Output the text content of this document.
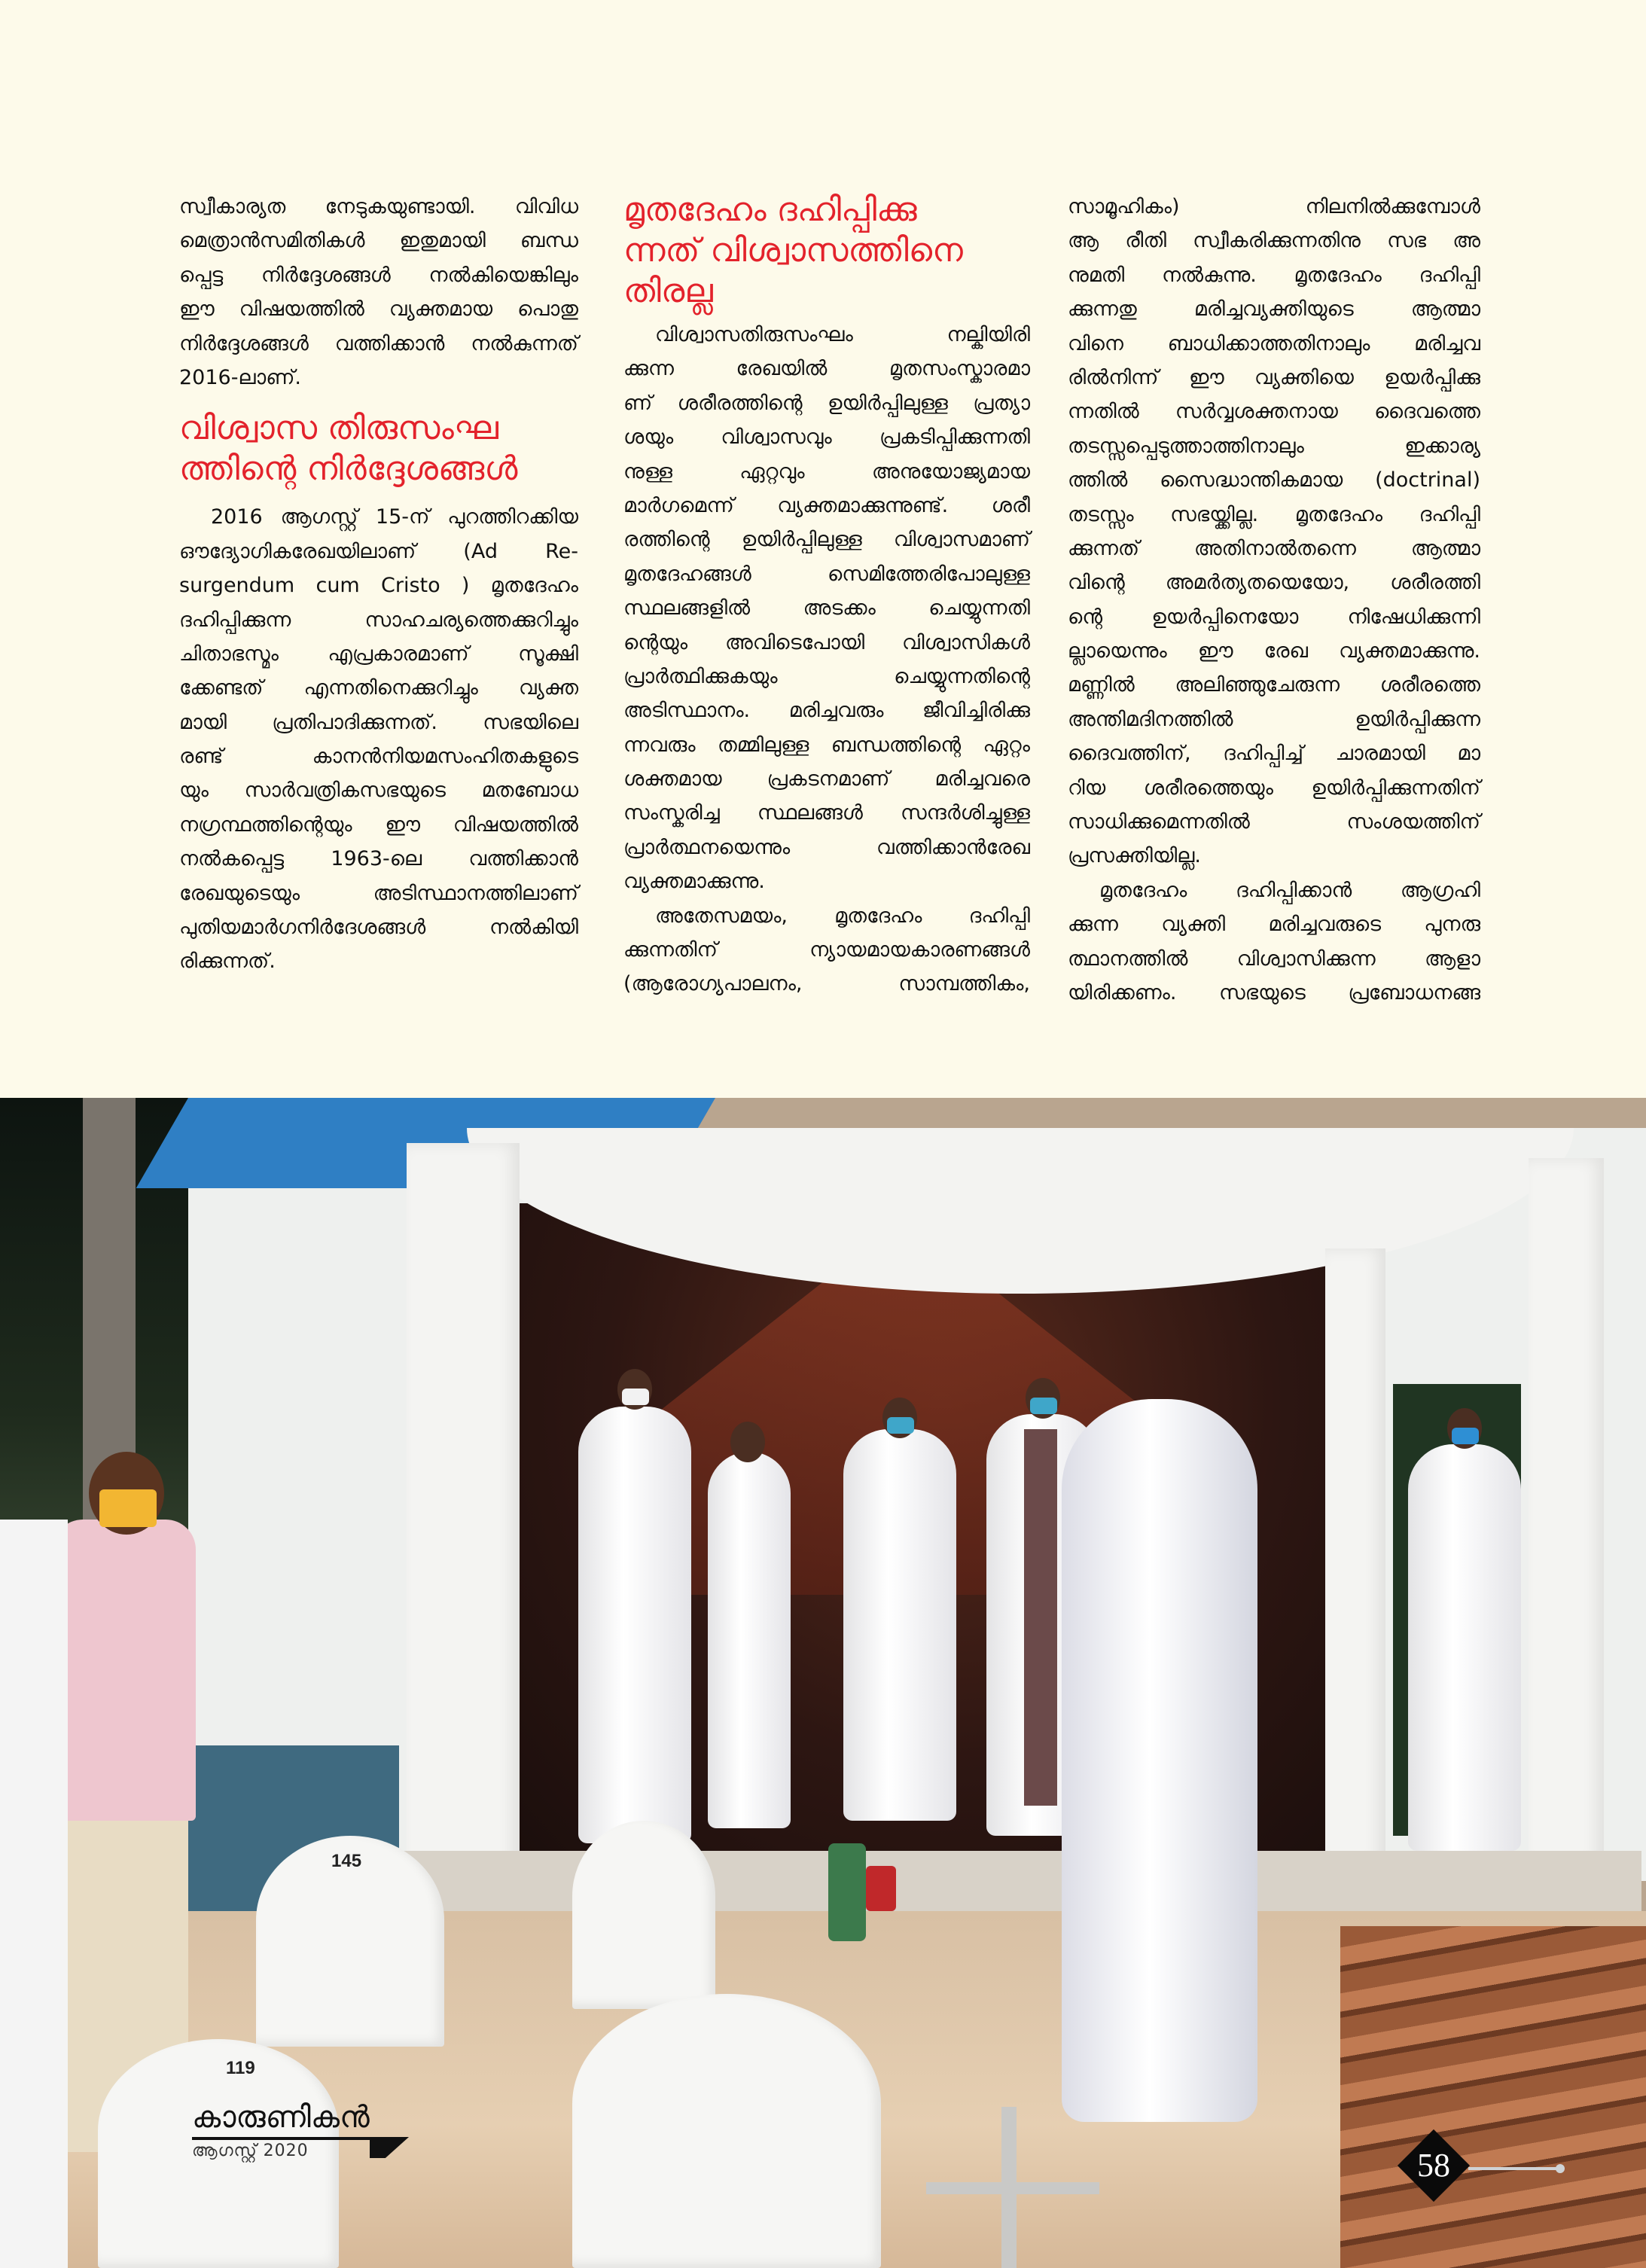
സ്വീകാര്യത നേടുകയുണ്ടായി. വിവിധ
മെത്രാൻസമിതികൾ ഇതുമായി ബന്ധ
പ്പെട്ട നിർദ്ദേശങ്ങൾ നൽകിയെങ്കിലും
ഈ വിഷയത്തിൽ വ്യക്തമായ പൊതു
നിർദ്ദേശങ്ങൾ വത്തിക്കാൻ നൽകുന്നത്
2016-ലാണ്.
വിശ്വാസ തിരുസംഘ
ത്തിന്റെ നിർദ്ദേശങ്ങൾ
2016 ആഗസ്റ്റ് 15-ന് പുറത്തിറക്കിയ
ഔദ്യോഗികരേഖയിലാണ് (Ad Re-
surgendum cum Cristo ) മൃതദേഹം
ദഹിപ്പിക്കുന്ന സാഹചര്യത്തെക്കുറിച്ചും
ചിതാഭസ്മം എപ്രകാരമാണ് സൂക്ഷി
ക്കേണ്ടത് എന്നതിനെക്കുറിച്ചും വ്യക്ത
മായി പ്രതിപാദിക്കുന്നത്. സഭയിലെ
രണ്ട് കാനൻനിയമസംഹിതകളുടെ
യും സാർവത്രികസഭയുടെ മതബോധ
നഗ്രന്ഥത്തിന്റെയും ഈ വിഷയത്തിൽ
നൽകപ്പെട്ട 1963-ലെ വത്തിക്കാൻ
രേഖയുടെയും അടിസ്ഥാനത്തിലാണ്
പുതിയമാർഗനിർദേശങ്ങൾ നൽകിയി
രിക്കുന്നത്.
മൃതദേഹം ദഹിപ്പിക്കു
ന്നത് വിശ്വാസത്തിനെ
തിരല്ല
വിശ്വാസതിരുസംഘം നല്കിയിരി
ക്കുന്ന രേഖയിൽ മൃതസംസ്കാരമാ
ണ് ശരീരത്തിന്റെ ഉയിർപ്പിലുള്ള പ്രത്യാ
ശയും വിശ്വാസവും പ്രകടിപ്പിക്കുന്നതി
നുള്ള ഏറ്റവും അനുയോജ്യമായ
മാർഗമെന്ന് വ്യക്തമാക്കുന്നുണ്ട്. ശരീ
രത്തിന്റെ ഉയിർപ്പിലുള്ള വിശ്വാസമാണ്
മൃതദേഹങ്ങൾ സെമിത്തേരിപോലുള്ള
സ്ഥലങ്ങളിൽ അടക്കം ചെയ്യുന്നതി
ന്റെയും അവിടെപോയി വിശ്വാസികൾ
പ്രാർത്ഥിക്കുകയും ചെയ്യുന്നതിന്റെ
അടിസ്ഥാനം. മരിച്ചവരും ജീവിച്ചിരിക്കു
ന്നവരും തമ്മിലുള്ള ബന്ധത്തിന്റെ ഏറ്റം
ശക്തമായ പ്രകടനമാണ് മരിച്ചവരെ
സംസ്കരിച്ച സ്ഥലങ്ങൾ സന്ദർശിച്ചുള്ള
പ്രാർത്ഥനയെന്നും വത്തിക്കാൻരേഖ
വ്യക്തമാക്കുന്നു.
അതേസമയം, മൃതദേഹം ദഹിപ്പി
ക്കുന്നതിന് ന്യായമായകാരണങ്ങൾ
(ആരോഗ്യപാലനം, സാമ്പത്തികം,
സാമൂഹികം) നിലനിൽക്കുമ്പോൾ
ആ രീതി സ്വീകരിക്കുന്നതിനു സഭ അ
നുമതി നൽകുന്നു. മൃതദേഹം ദഹിപ്പി
ക്കുന്നതു മരിച്ചവ്യക്തിയുടെ ആത്മാ
വിനെ ബാധിക്കാത്തതിനാലും മരിച്ചവ
രിൽനിന്ന് ഈ വ്യക്തിയെ ഉയർപ്പിക്കു
ന്നതിൽ സർവ്വശക്തനായ ദൈവത്തെ
തടസ്സപ്പെടുത്താത്തിനാലും ഇക്കാര്യ
ത്തിൽ സൈദ്ധാന്തികമായ (doctrinal)
തടസ്സം സഭയ്ക്കില്ല. മൃതദേഹം ദഹിപ്പി
ക്കുന്നത് അതിനാൽതന്നെ ആത്മാ
വിന്റെ അമർത്യതയെയോ, ശരീരത്തി
ന്റെ ഉയർപ്പിനെയോ നിഷേധിക്കുന്നി
ല്ലായെന്നും ഈ രേഖ വ്യക്തമാക്കുന്നു.
മണ്ണിൽ അലിഞ്ഞുചേരുന്ന ശരീരത്തെ
അന്തിമദിനത്തിൽ ഉയിർപ്പിക്കുന്ന
ദൈവത്തിന്, ദഹിപ്പിച്ച് ചാരമായി മാ
റിയ ശരീരത്തെയും ഉയിർപ്പിക്കുന്നതിന്
സാധിക്കുമെന്നതിൽ സംശയത്തിന്
പ്രസക്തിയില്ല.
മൃതദേഹം ദഹിപ്പിക്കാൻ ആഗ്രഹി
ക്കുന്ന വ്യക്തി മരിച്ചവരുടെ പുനരു
ത്ഥാനത്തിൽ വിശ്വാസിക്കുന്ന ആളാ
യിരിക്കണം. സഭയുടെ പ്രബോധനങ്ങ
145
119
കാരുണികൻ
ആഗസ്റ്റ് 2020	58
